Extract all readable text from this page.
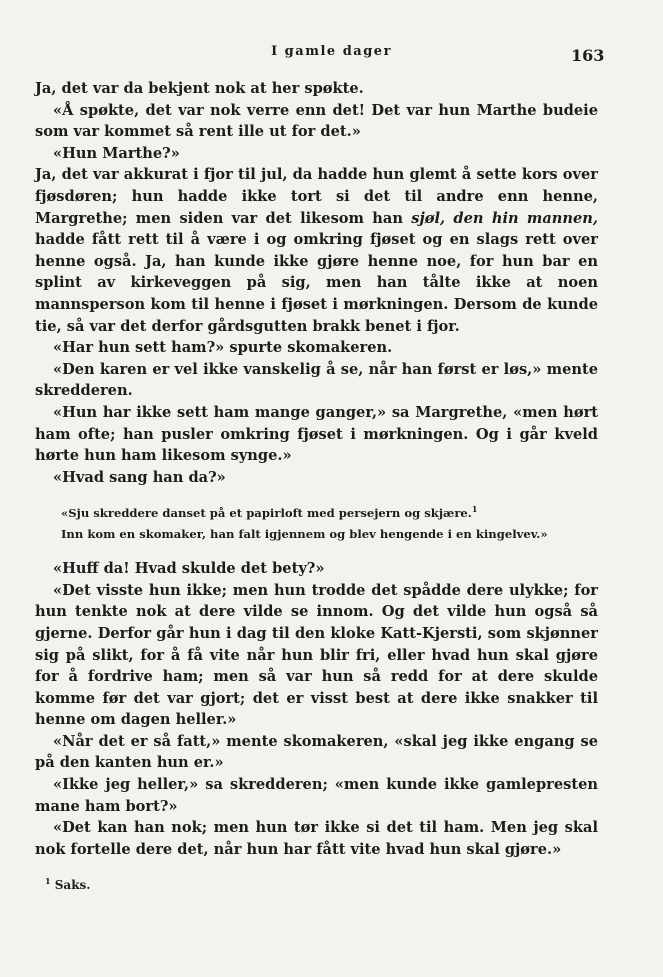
I gamle dager	163

Ja, det var da bekjent nok at her spøkte.

«Å spøkte, det var nok verre enn det! Det var hun Marthe budeie som var kommet så rent ille ut for det.»

«Hun Marthe?»

Ja, det var akkurat i fjor til jul, da hadde hun glemt å sette kors over fjøsdøren; hun hadde ikke tort si det til andre enn henne, Margrethe; men siden var det likesom han sjøl, den hin mannen, hadde fått rett til å være i og omkring fjøset og en slags rett over henne også. Ja, han kunde ikke gjøre henne noe, for hun bar en splint av kirkeveggen på sig, men han tålte ikke at noen mannsperson kom til henne i fjøset i mørkningen. Dersom de kunde tie, så var det derfor gårdsgutten brakk benet i fjor.

«Har hun sett ham?» spurte skomakeren.

«Den karen er vel ikke vanskelig å se, når han først er løs,» mente skredderen.

«Hun har ikke sett ham mange ganger,» sa Margrethe, «men hørt ham ofte; han pusler omkring fjøset i mørkningen. Og i går kveld hørte hun ham likesom synge.»

«Hvad sang han da?»

«Sju skreddere danset på et papirloft med persejern og skjære.$^1$

Inn kom en skomaker, han falt igjennem og blev hengende i en kingelvev.»

«Huff da! Hvad skulde det bety?»

«Det visste hun ikke; men hun trodde det spådde dere ulykke; for hun tenkte nok at dere vilde se innom. Og det vilde hun også så gjerne. Derfor går hun i dag til den kloke Katt-Kjersti, som skjønner sig på slikt, for å få vite når hun blir fri, eller hvad hun skal gjøre for å fordrive ham; men så var hun så redd for at dere skulde komme før det var gjort; det er visst best at dere ikke snakker til henne om dagen heller.»

«Når det er så fatt,» mente skomakeren, «skal jeg ikke engang se på den kanten hun er.»

«Ikke jeg heller,» sa skredderen; «men kunde ikke gamlepresten mane ham bort?»

«Det kan han nok; men hun tør ikke si det til ham. Men jeg skal nok fortelle dere det, når hun har fått vite hvad hun skal gjøre.»

$^1$ Saks.
